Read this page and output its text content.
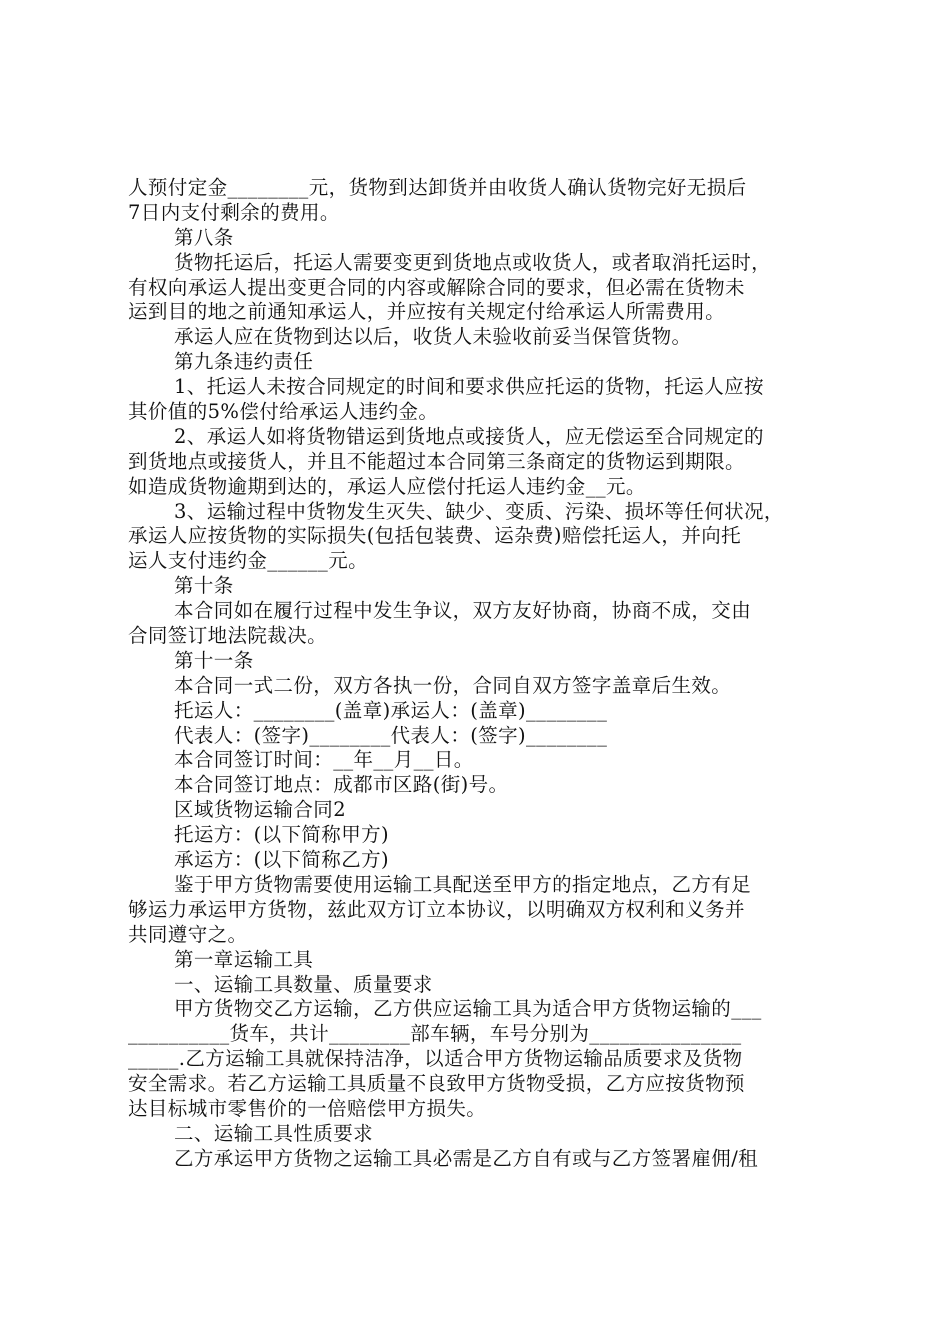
人预付定金________元，货物到达卸货并由收货人确认货物完好无损后
7日内支付剩余的费用。
第八条
货物托运后，托运人需要变更到货地点或收货人，或者取消托运时，
有权向承运人提出变更合同的内容或解除合同的要求，但必需在货物未
运到目的地之前通知承运人，并应按有关规定付给承运人所需费用。
承运人应在货物到达以后，收货人未验收前妥当保管货物。
第九条违约责任
1、托运人未按合同规定的时间和要求供应托运的货物，托运人应按
其价值的5%偿付给承运人违约金。
2、承运人如将货物错运到货地点或接货人，应无偿运至合同规定的
到货地点或接货人，并且不能超过本合同第三条商定的货物运到期限。
如造成货物逾期到达的，承运人应偿付托运人违约金__元。
3、运输过程中货物发生灭失、缺少、变质、污染、损坏等任何状况，
承运人应按货物的实际损失(包括包装费、运杂费)赔偿托运人，并向托
运人支付违约金______元。
第十条
本合同如在履行过程中发生争议，双方友好协商，协商不成，交由
合同签订地法院裁决。
第十一条
本合同一式二份，双方各执一份，合同自双方签字盖章后生效。
托运人：________(盖章)承运人：(盖章)________
代表人：(签字)________代表人：(签字)________
本合同签订时间：__年__月__日。
本合同签订地点：成都市区路(街)号。
区域货物运输合同2
托运方：(以下简称甲方)
承运方：(以下简称乙方)
鉴于甲方货物需要使用运输工具配送至甲方的指定地点，乙方有足
够运力承运甲方货物，兹此双方订立本协议，以明确双方权利和义务并
共同遵守之。
第一章运输工具
一、运输工具数量、质量要求
甲方货物交乙方运输，乙方供应运输工具为适合甲方货物运输的___
__________货车，共计________部车辆，车号分别为_______________
_____.乙方运输工具就保持洁净，以适合甲方货物运输品质要求及货物
安全需求。若乙方运输工具质量不良致甲方货物受损，乙方应按货物预
达目标城市零售价的一倍赔偿甲方损失。
二、运输工具性质要求
乙方承运甲方货物之运输工具必需是乙方自有或与乙方签署雇佣/租
